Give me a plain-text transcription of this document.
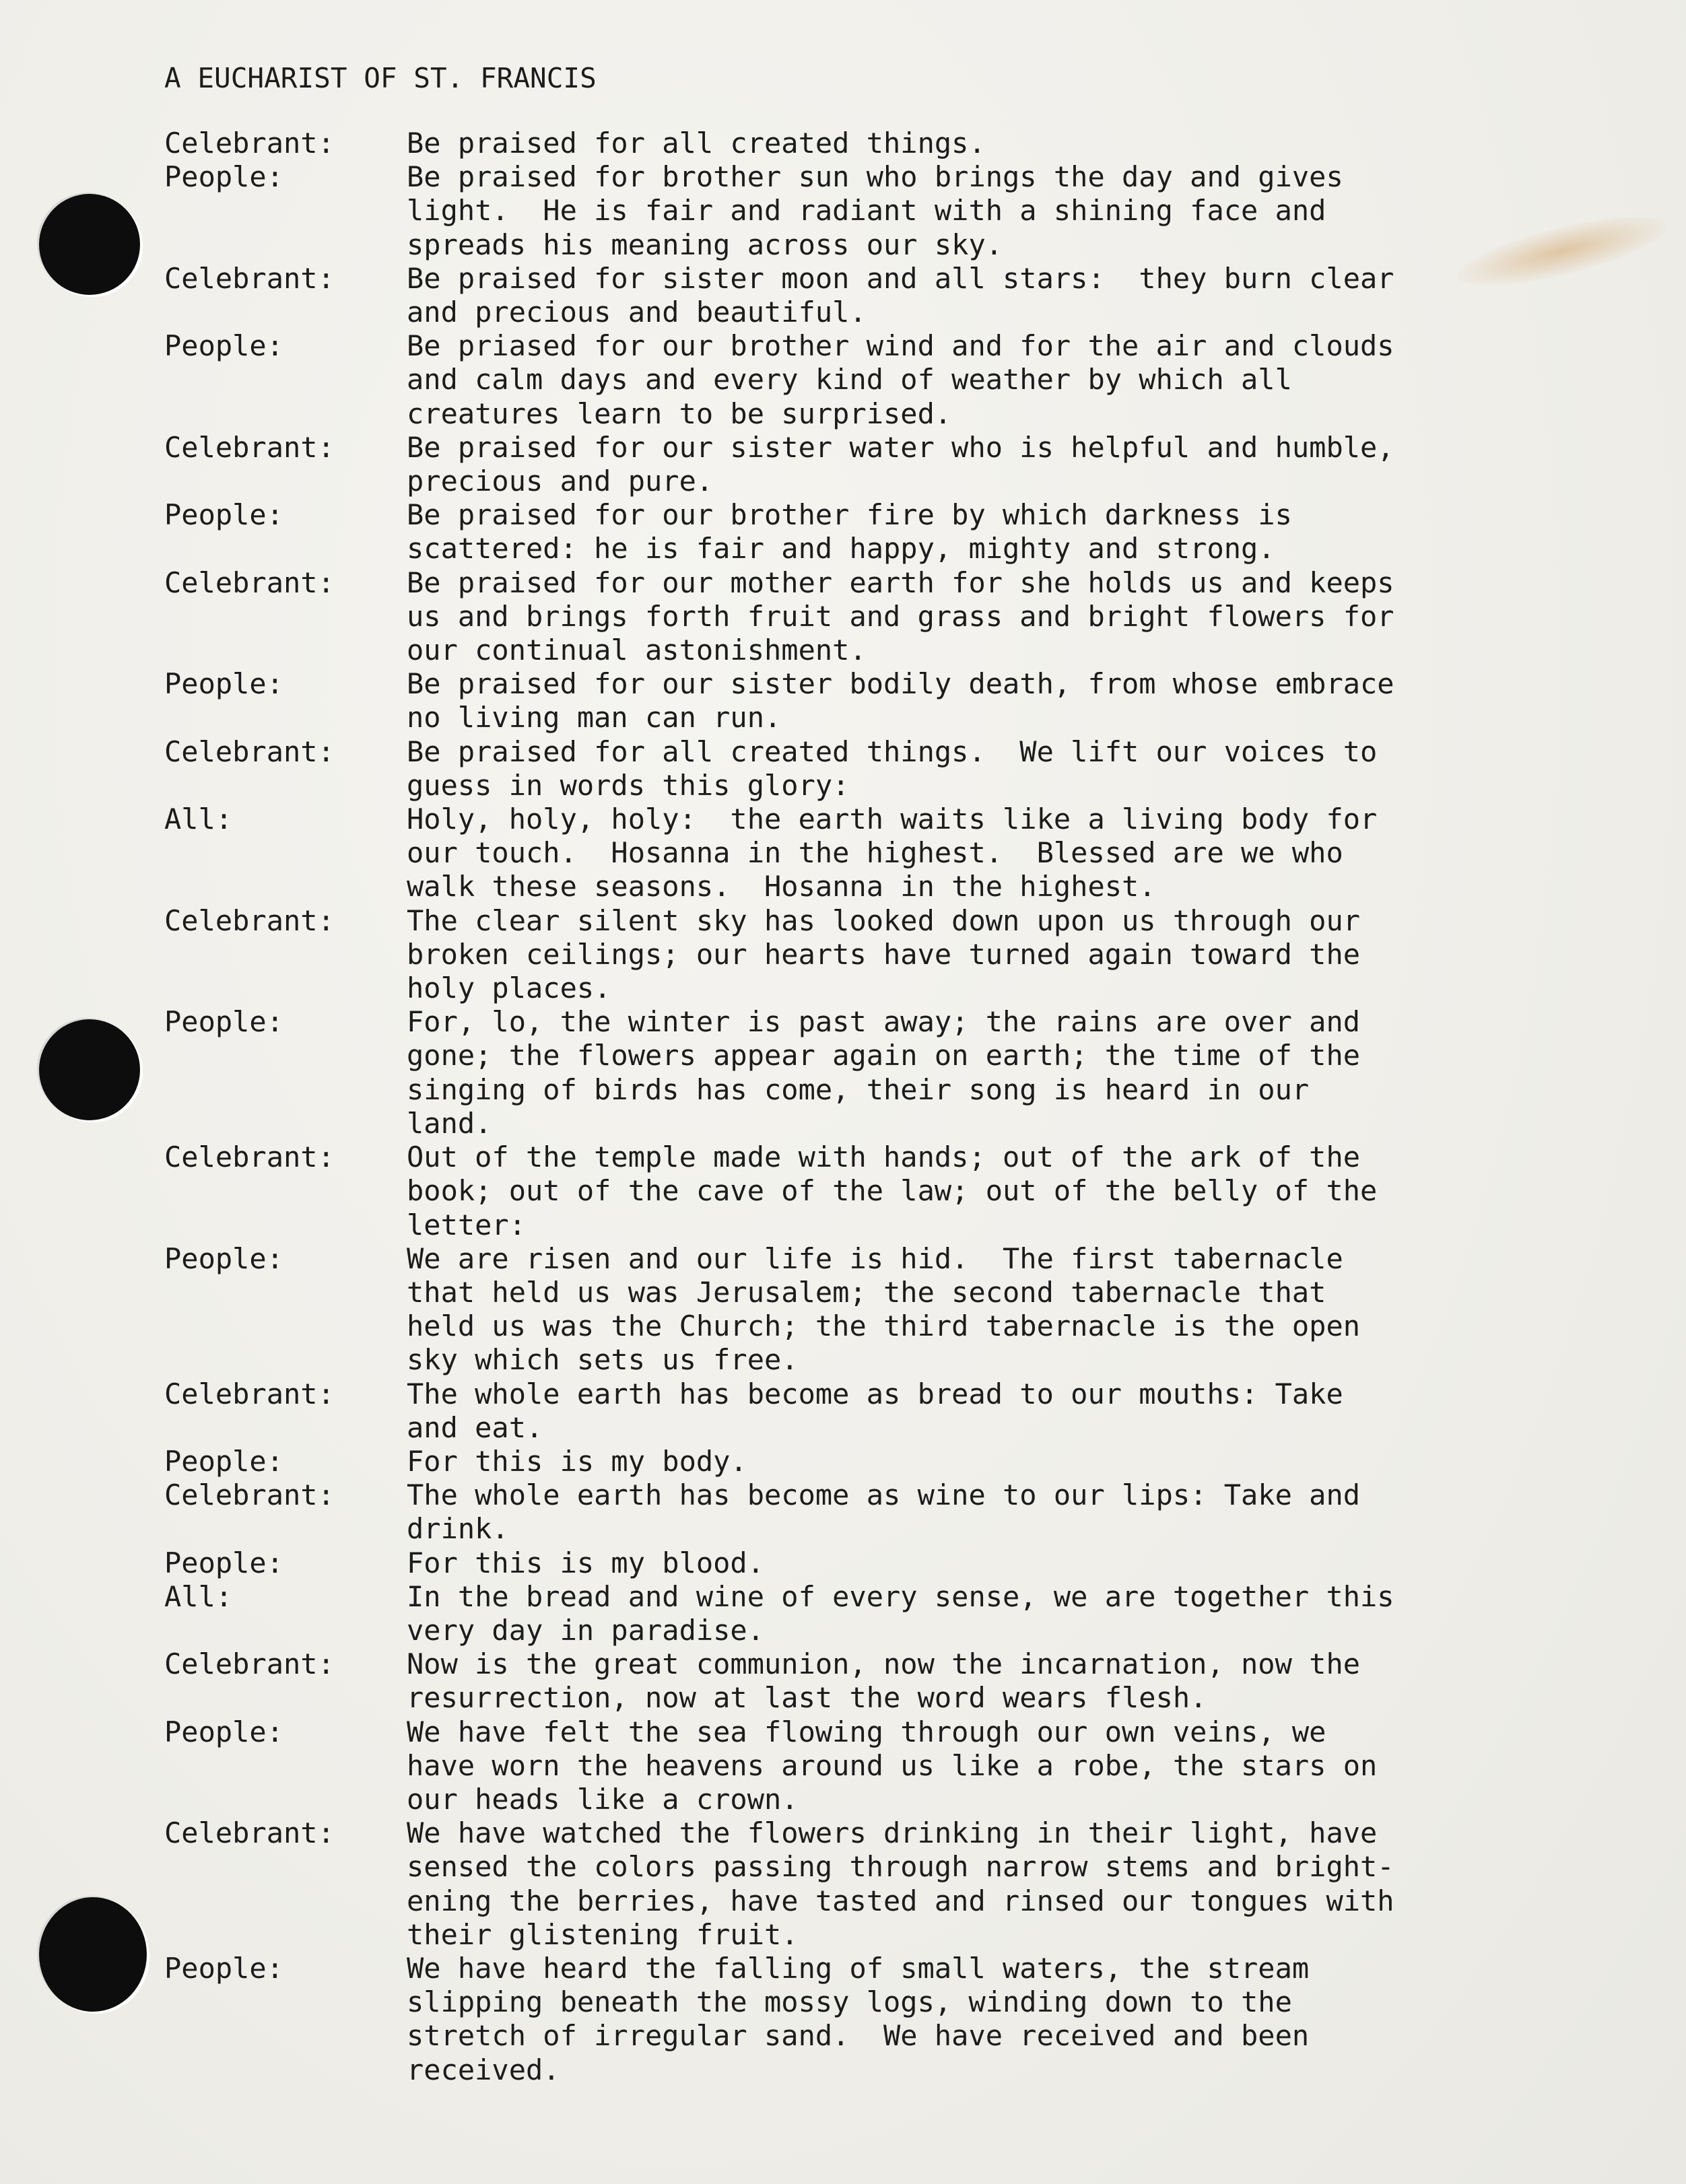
A EUCHARIST OF ST. FRANCIS
Celebrant:	Be praised for all created things.
People:	Be praised for brother sun who brings the day and gives
light.  He is fair and radiant with a shining face and
spreads his meaning across our sky.
Celebrant:	Be praised for sister moon and all stars:  they burn clear
and precious and beautiful.
People:	Be priased for our brother wind and for the air and clouds
and calm days and every kind of weather by which all
creatures learn to be surprised.
Celebrant:	Be praised for our sister water who is helpful and humble,
precious and pure.
People:	Be praised for our brother fire by which darkness is
scattered: he is fair and happy, mighty and strong.
Celebrant:	Be praised for our mother earth for she holds us and keeps
us and brings forth fruit and grass and bright flowers for
our continual astonishment.
People:	Be praised for our sister bodily death, from whose embrace
no living man can run.
Celebrant:	Be praised for all created things.  We lift our voices to
guess in words this glory:
All:	Holy, holy, holy:  the earth waits like a living body for
our touch.  Hosanna in the highest.  Blessed are we who
walk these seasons.  Hosanna in the highest.
Celebrant:	The clear silent sky has looked down upon us through our
broken ceilings; our hearts have turned again toward the
holy places.
People:	For, lo, the winter is past away; the rains are over and
gone; the flowers appear again on earth; the time of the
singing of birds has come, their song is heard in our
land.
Celebrant:	Out of the temple made with hands; out of the ark of the
book; out of the cave of the law; out of the belly of the
letter:
People:	We are risen and our life is hid.  The first tabernacle
that held us was Jerusalem; the second tabernacle that
held us was the Church; the third tabernacle is the open
sky which sets us free.
Celebrant:	The whole earth has become as bread to our mouths: Take
and eat.
People:	For this is my body.
Celebrant:	The whole earth has become as wine to our lips: Take and
drink.
People:	For this is my blood.
All:	In the bread and wine of every sense, we are together this
very day in paradise.
Celebrant:	Now is the great communion, now the incarnation, now the
resurrection, now at last the word wears flesh.
People:	We have felt the sea flowing through our own veins, we
have worn the heavens around us like a robe, the stars on
our heads like a crown.
Celebrant:	We have watched the flowers drinking in their light, have
sensed the colors passing through narrow stems and bright-
ening the berries, have tasted and rinsed our tongues with
their glistening fruit.
People:	We have heard the falling of small waters, the stream
slipping beneath the mossy logs, winding down to the
stretch of irregular sand.  We have received and been
received.
